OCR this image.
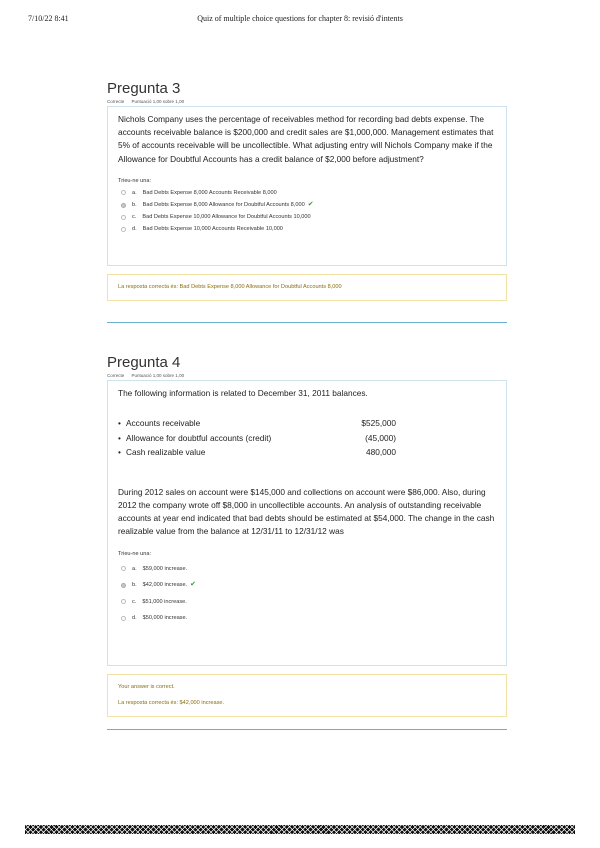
7/10/22 8:41	Quiz of multiple choice questions for chapter 8: revisió d'intents
Pregunta 3
Correcte Puntuació 1,00 sobre 1,00

Nichols Company uses the percentage of receivables method for recording bad debts expense. The accounts receivable balance is $200,000 and credit sales are $1,000,000. Management estimates that 5% of accounts receivable will be uncollectible. What adjusting entry will Nichols Company make if the Allowance for Doubtful Accounts has a credit balance of $2,000 before adjustment?

Trieu-ne una:
a. Bad Debts Expense 8,000 Accounts Receivable 8,000
b. Bad Debts Expense 8,000 Allowance for Doubtful Accounts 8,000 ✔
c. Bad Debts Expense 10,000 Allowance for Doubtful Accounts 10,000
d. Bad Debts Expense 10,000 Accounts Receivable 10,000
La resposta correcta és: Bad Debts Expense 8,000 Allowance for Doubtful Accounts 8,000
Pregunta 4
Correcte Puntuació 1,00 sobre 1,00

The following information is related to December 31, 2011 balances.

• Accounts receivable	$525,000
• Allowance for doubtful accounts (credit)	(45,000)
• Cash realizable value	480,000

During 2012 sales on account were $145,000 and collections on account were $86,000. Also, during 2012 the company wrote off $8,000 in uncollectible accounts. An analysis of outstanding receivable accounts at year end indicated that bad debts should be estimated at $54,000. The change in the cash realizable value from the balance at 12/31/11 to 12/31/12 was

Trieu-ne una:
a. $59,000 increase.
b. $42,000 increase. ✔
c. $51,000 increase.
d. $50,000 increase.
Your answer is correct.
La resposta correcta és: $42,000 increase.
